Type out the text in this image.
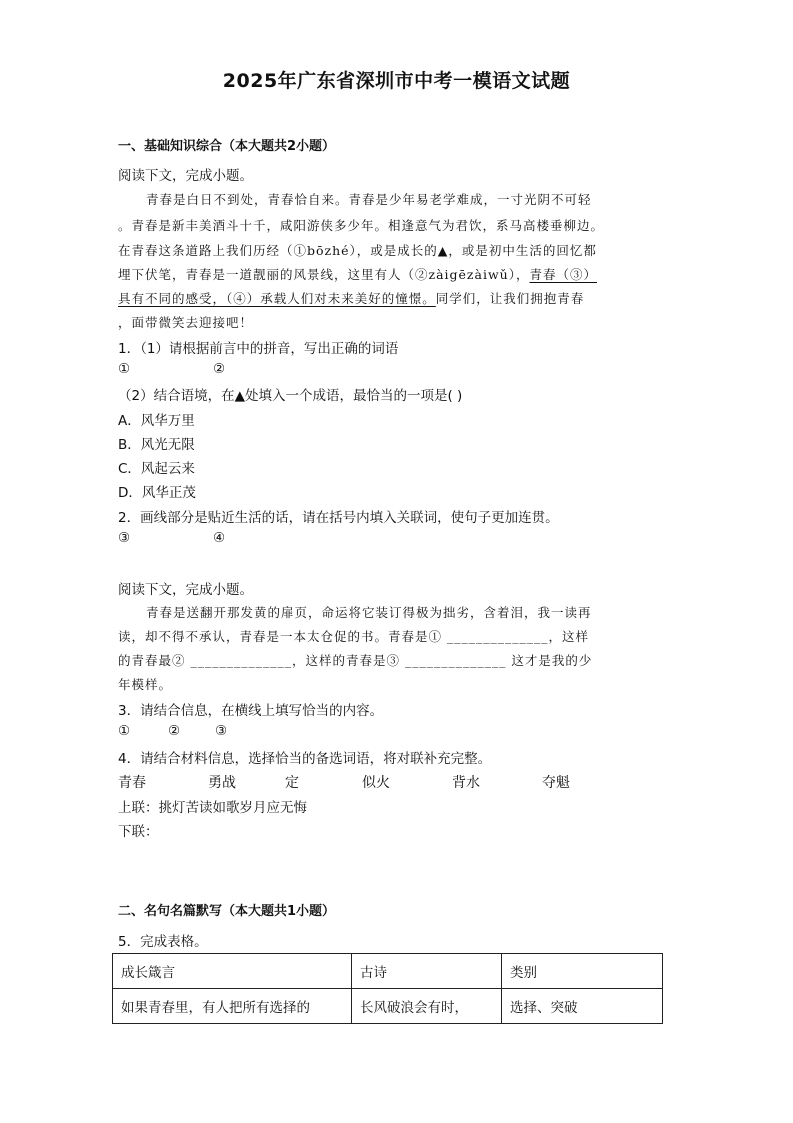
2025年广东省深圳市中考一模语文试题
一、基础知识综合（本大题共2小题）
阅读下文，完成小题。
青春是白日不到处，青春恰自来。青春是少年易老学难成，一寸光阴不可轻
。青春是新丰美酒斗十千，咸阳游侠多少年。相逢意气为君饮，系马高楼垂柳边。
在青春这条道路上我们历经（①bōzhé），或是成长的▲，或是初中生活的回忆都
埋下伏笔，青春是一道靓丽的风景线，这里有人（②zàigēzàiwǔ），青春（③）
具有不同的感受，（④）承载人们对未来美好的憧憬。同学们，让我们拥抱青春
，面带微笑去迎接吧！
1．（1）请根据前言中的拼音，写出正确的词语
①	②
（2）结合语境，在▲处填入一个成语，最恰当的一项是( )
A．风华万里
B．风光无限
C．风起云来
D．风华正茂
2．画线部分是贴近生活的话，请在括号内填入关联词，使句子更加连贯。
③	④
阅读下文，完成小题。
青春是送翻开那发黄的扉页，命运将它装订得极为拙劣，含着泪，我一读再
读，却不得不承认，青春是一本太仓促的书。青春是① ______________，这样
的青春最② ______________，这样的青春是③ ______________ 这才是我的少
年模样。
3．请结合信息，在横线上填写恰当的内容。
①	②	③
4．请结合材料信息，选择恰当的备选词语，将对联补充完整。
青春	勇战	定	似火	背水	夺魁
上联：挑灯苦读如歌岁月应无悔
下联：
二、名句名篇默写（本大题共1小题）
5．完成表格。
成长箴言	古诗	类别
如果青春里，有人把所有选择的	长风破浪会有时，	选择、突破
